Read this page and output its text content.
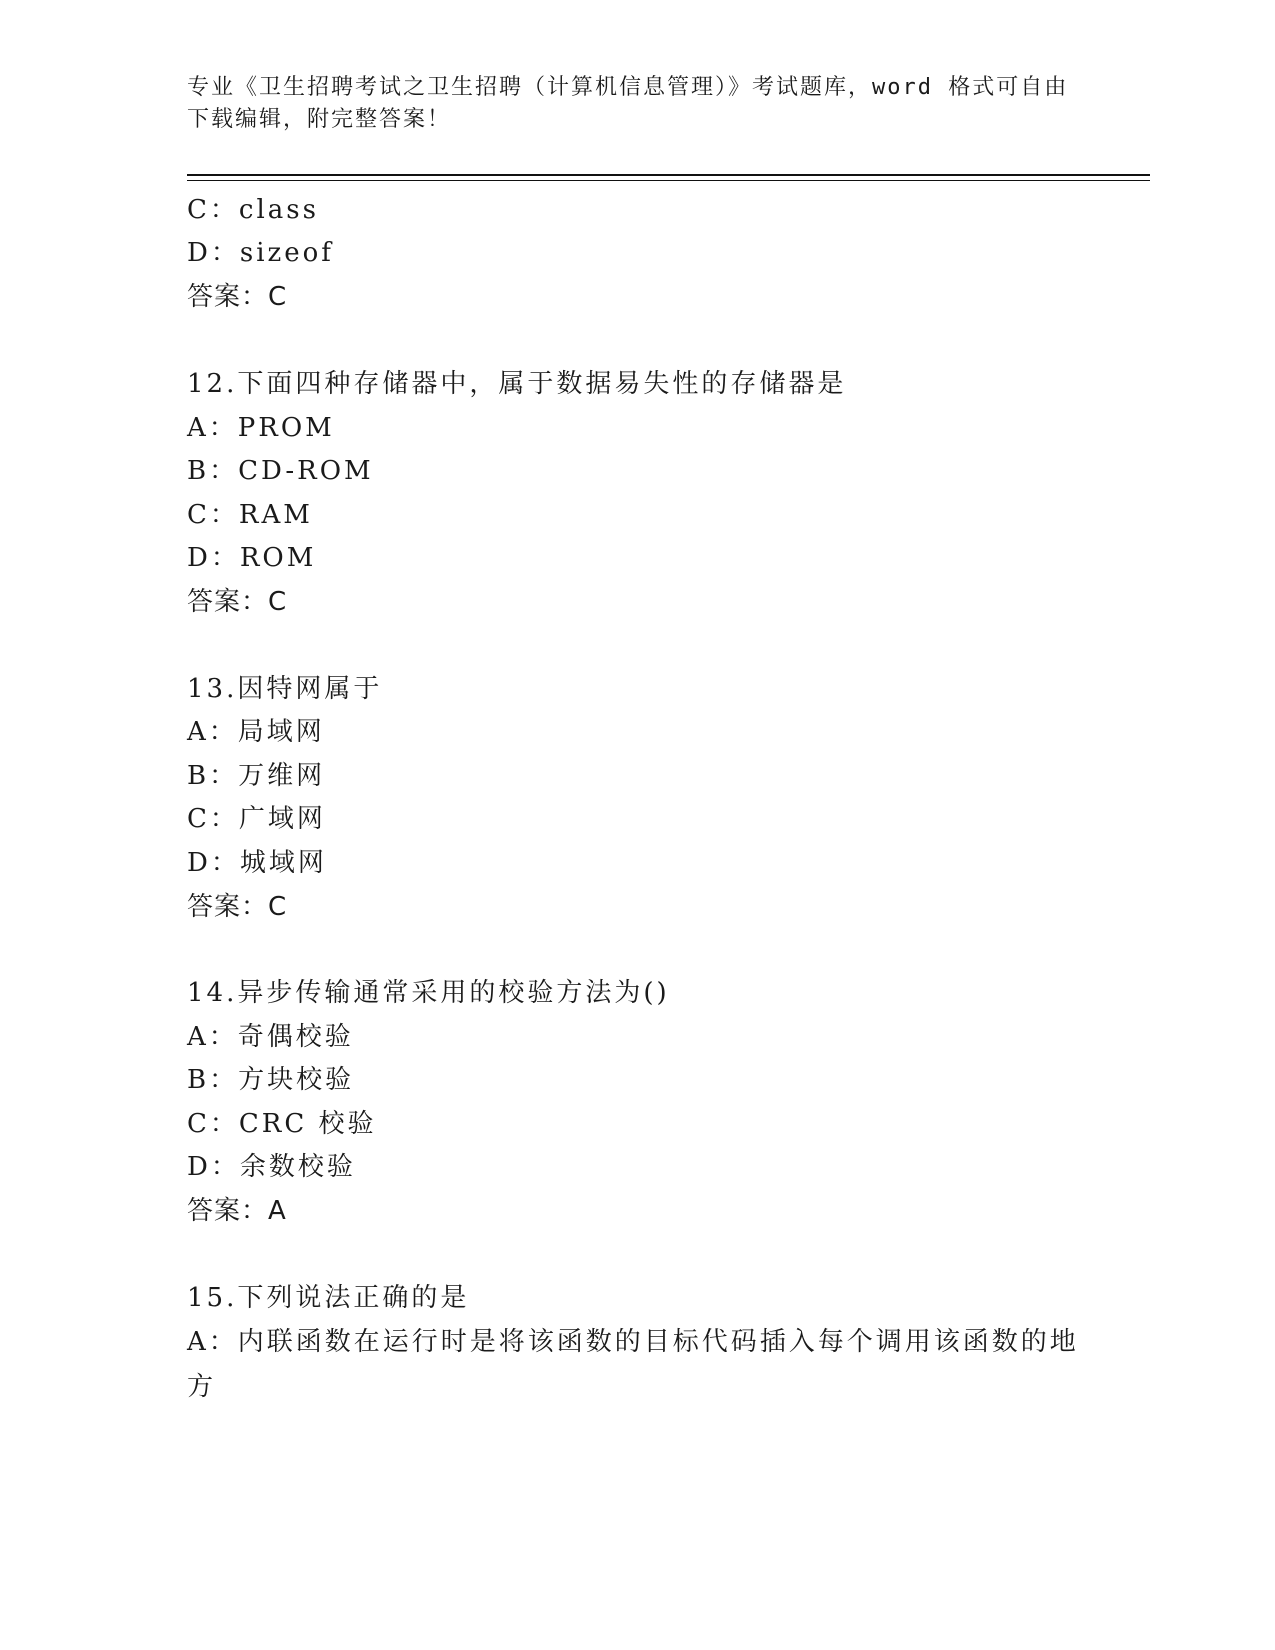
专业《卫生招聘考试之卫生招聘（计算机信息管理）》考试题库，word 格式可自由下载编辑，附完整答案！
C：class
D：sizeof
答案：C
12.下面四种存储器中，属于数据易失性的存储器是
A：PROM
B：CD-ROM
C：RAM
D：ROM
答案：C
13.因特网属于
A：局域网
B：万维网
C：广域网
D：城域网
答案：C
14.异步传输通常采用的校验方法为()
A：奇偶校验
B：方块校验
C：CRC 校验
D：余数校验
答案：A
15.下列说法正确的是
A：内联函数在运行时是将该函数的目标代码插入每个调用该函数的地方
